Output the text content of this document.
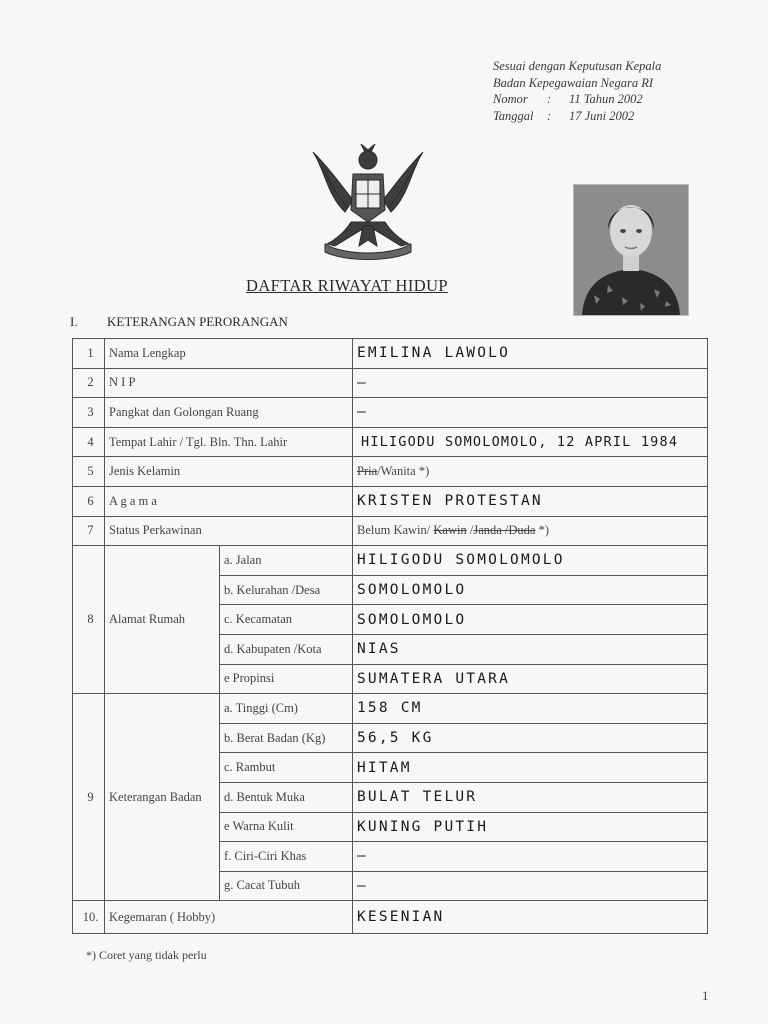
Sesuai dengan Keputusan Kepala
Badan Kepegawaian Negara RI
Nomor : 11 Tahun 2002
Tanggal : 17 Juni 2002
DAFTAR RIWAYAT HIDUP
I. KETERANGAN PERORANGAN
1	Nama Lengkap		EMILINA LAWOLO
2	N I P		–
3	Pangkat dan Golongan Ruang		–
4	Tempat Lahir / Tgl. Bln. Thn. Lahir		HILIGODU SOMOLOMOLO, 12 APRIL 1984
5	Jenis Kelamin		Pria/Wanita *)
6	A g a m a		KRISTEN PROTESTAN
7	Status Perkawinan		Belum Kawin/ Kawin /Janda /Duda *)
8	Alamat Rumah	a. Jalan	HILIGODU SOMOLOMOLO
		b. Kelurahan /Desa	SOMOLOMOLO
		c. Kecamatan	SOMOLOMOLO
		d. Kabupaten /Kota	NIAS
		e Propinsi	SUMATERA UTARA
9	Keterangan Badan	a. Tinggi (Cm)	158 CM
		b. Berat Badan (Kg)	56,5 KG
		c. Rambut	HITAM
		d. Bentuk Muka	BULAT TELUR
		e Warna Kulit	KUNING PUTIH
		f. Ciri-Ciri Khas	–
		g. Cacat Tubuh	–
10.	Kegemaran ( Hobby)		KESENIAN
*) Coret yang tidak perlu
1
